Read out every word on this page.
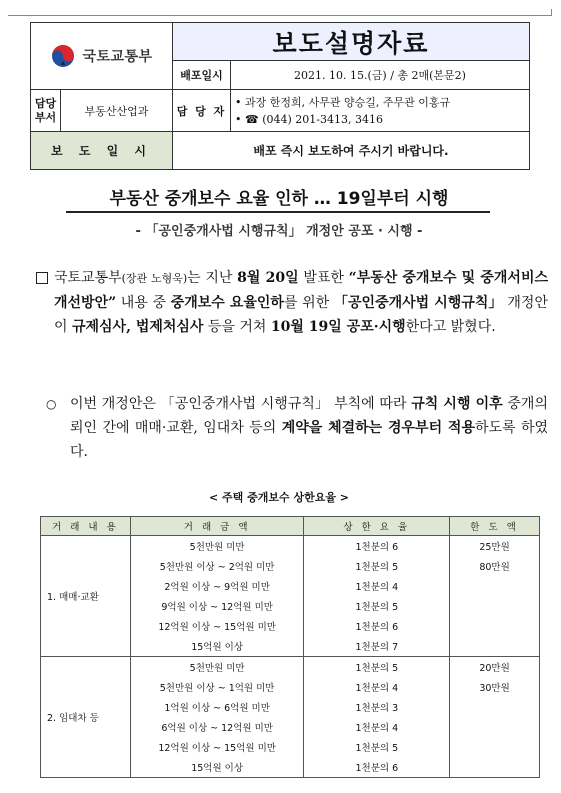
국토교통부	보도설명자료
배포일시	2021. 10. 15.(금) / 총 2매(본문2)
담당부서	부동산산업과	담 당 자
• 과장 한정희, 사무관 양승길, 주무관 이홍규
• ☎ (044) 201-3413, 3416
보 도 일 시	배포 즉시 보도하여 주시기 바랍니다.
부동산 중개보수 요율 인하 … 19일부터 시행
- 「공인중개사법 시행규칙」 개정안 공포 · 시행 -
국토교통부(장관 노형욱)는 지난 8월 20일 발표한 “부동산 중개보수 및 중개서비스 개선방안” 내용 중 중개보수 요율인하를 위한 「공인중개사법 시행규칙」 개정안이 규제심사, 법제처심사 등을 거쳐 10월 19일 공포·시행한다고 밝혔다.
○ 이번 개정안은 「공인중개사법 시행규칙」 부칙에 따라 규칙 시행 이후 중개의뢰인 간에 매매·교환, 임대차 등의 계약을 체결하는 경우부터 적용하도록 하였다.
< 주택 중개보수 상한요율 >
거 래 내 용	거 래 금 액	상 한 요 율	한 도 액
1. 매매·교환	5천만원 미만	1천분의 6	25만원
	5천만원 이상 ~ 2억원 미만	1천분의 5	80만원
	2억원 이상 ~ 9억원 미만	1천분의 4	
	9억원 이상 ~ 12억원 미만	1천분의 5	
	12억원 이상 ~ 15억원 미만	1천분의 6	
	15억원 이상	1천분의 7	
2. 임대차 등	5천만원 미만	1천분의 5	20만원
	5천만원 이상 ~ 1억원 미만	1천분의 4	30만원
	1억원 이상 ~ 6억원 미만	1천분의 3	
	6억원 이상 ~ 12억원 미만	1천분의 4	
	12억원 이상 ~ 15억원 미만	1천분의 5	
	15억원 이상	1천분의 6	
